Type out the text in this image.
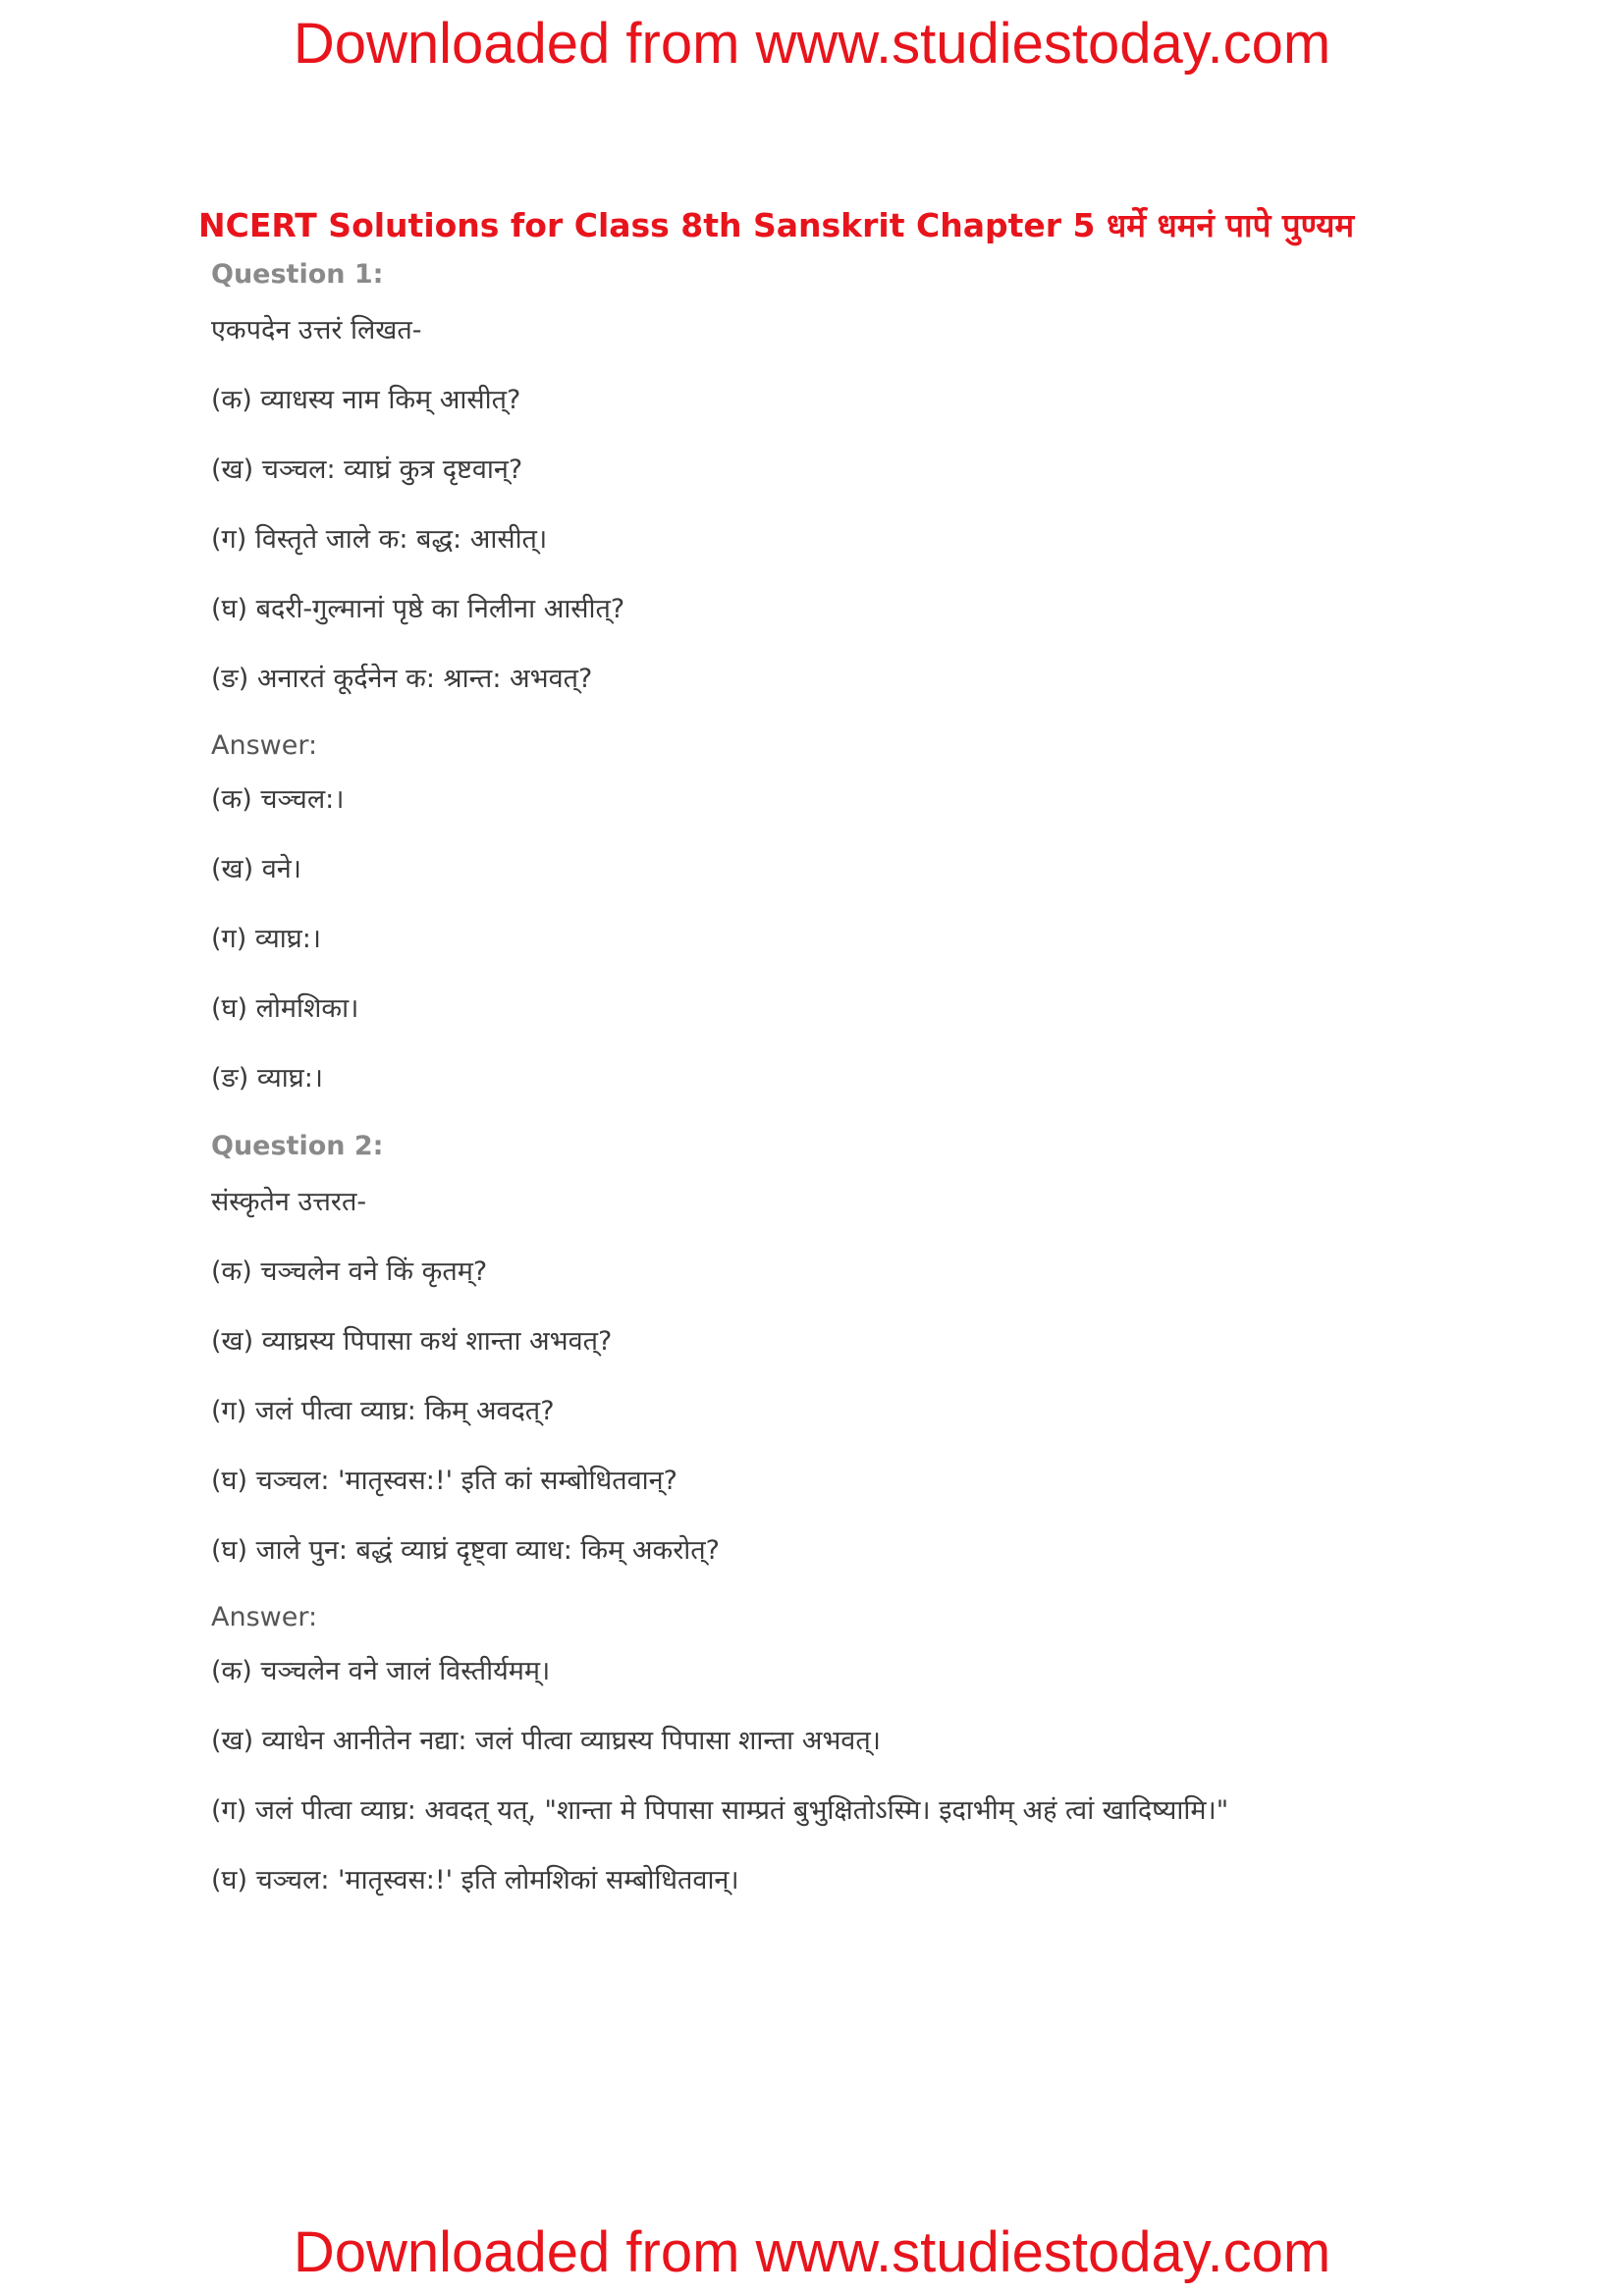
Downloaded from www.studiestoday.com
NCERT Solutions for Class 8th Sanskrit Chapter 5 धर्मे धमनं पापे पुण्यम
Question 1:
एकपदेन उत्तरं लिखत-
(क) व्याधस्य नाम किम् आसीत्?
(ख) चञ्चल: व्याघ्रं कुत्र दृष्टवान्?
(ग) विस्तृते जाले क: बद्ध: आसीत्।
(घ) बदरी-गुल्मानां पृष्ठे का निलीना आसीत्?
(ङ) अनारतं कूर्दनेन क: श्रान्त: अभवत्?
Answer:
(क) चञ्चल:।
(ख) वने।
(ग) व्याघ्र:।
(घ) लोमशिका।
(ङ) व्याघ्र:।
Question 2:
संस्कृतेन उत्तरत-
(क) चञ्चलेन वने किं कृतम्?
(ख) व्याघ्रस्य पिपासा कथं शान्ता अभवत्?
(ग) जलं पीत्वा व्याघ्र: किम् अवदत्?
(घ) चञ्चल: 'मातृस्वस:!' इति कां सम्बोधितवान्?
(घ) जाले पुन: बद्धं व्याघ्रं दृष्ट्वा व्याध: किम् अकरोत्?
Answer:
(क) चञ्चलेन वने जालं विस्तीर्यमम्।
(ख) व्याधेन आनीतेन नद्या: जलं पीत्वा व्याघ्रस्य पिपासा शान्ता अभवत्।
(ग) जलं पीत्वा व्याघ्र: अवदत् यत्, "शान्ता मे पिपासा साम्प्रतं बुभुक्षितोऽस्मि। इदाभीम् अहं त्वां खादिष्यामि।"
(घ) चञ्चल: 'मातृस्वस:!' इति लोमशिकां सम्बोधितवान्।
Downloaded from www.studiestoday.com
